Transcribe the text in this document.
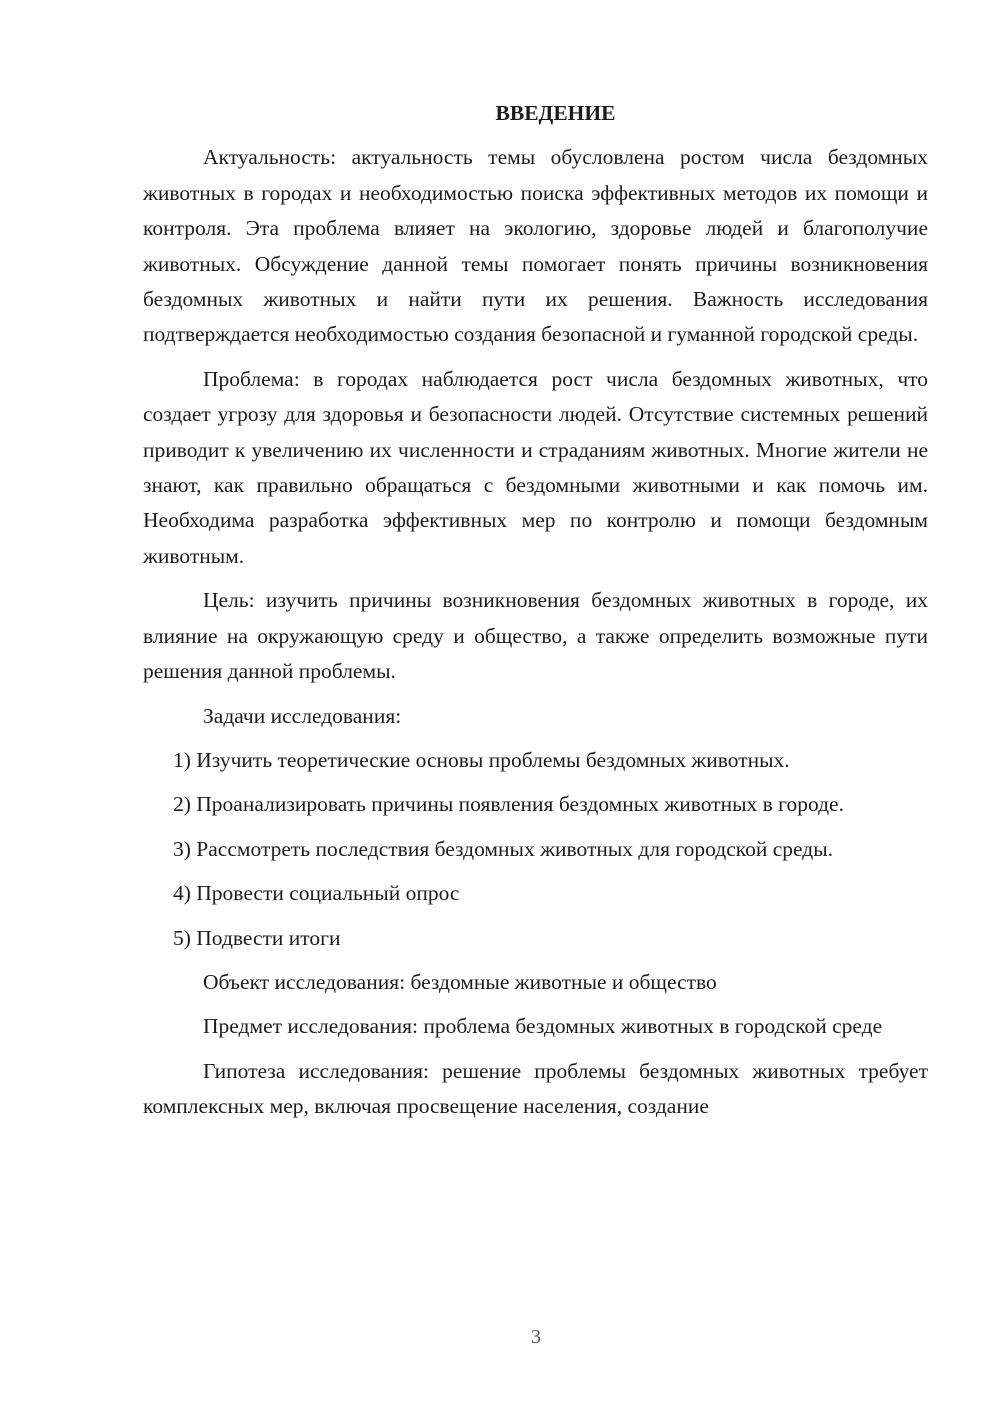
ВВЕДЕНИЕ

Актуальность: актуальность темы обусловлена ростом числа бездомных животных в городах и необходимостью поиска эффективных методов их помощи и контроля. Эта проблема влияет на экологию, здоровье людей и благополучие животных. Обсуждение данной темы помогает понять причины возникновения бездомных животных и найти пути их решения. Важность исследования подтверждается необходимостью создания безопасной и гуманной городской среды.

Проблема: в городах наблюдается рост числа бездомных животных, что создает угрозу для здоровья и безопасности людей. Отсутствие системных решений приводит к увеличению их численности и страданиям животных. Многие жители не знают, как правильно обращаться с бездомными животными и как помочь им. Необходима разработка эффективных мер по контролю и помощи бездомным животным.

Цель: изучить причины возникновения бездомных животных в городе, их влияние на окружающую среду и общество, а также определить возможные пути решения данной проблемы.

Задачи исследования:

1) Изучить теоретические основы проблемы бездомных животных.

2) Проанализировать причины появления бездомных животных в городе.

3) Рассмотреть последствия бездомных животных для городской среды.

4) Провести социальный опрос

5) Подвести итоги

Объект исследования: бездомные животные и общество

Предмет исследования: проблема бездомных животных в городской среде

Гипотеза исследования: решение проблемы бездомных животных требует комплексных мер, включая просвещение населения, создание

3
